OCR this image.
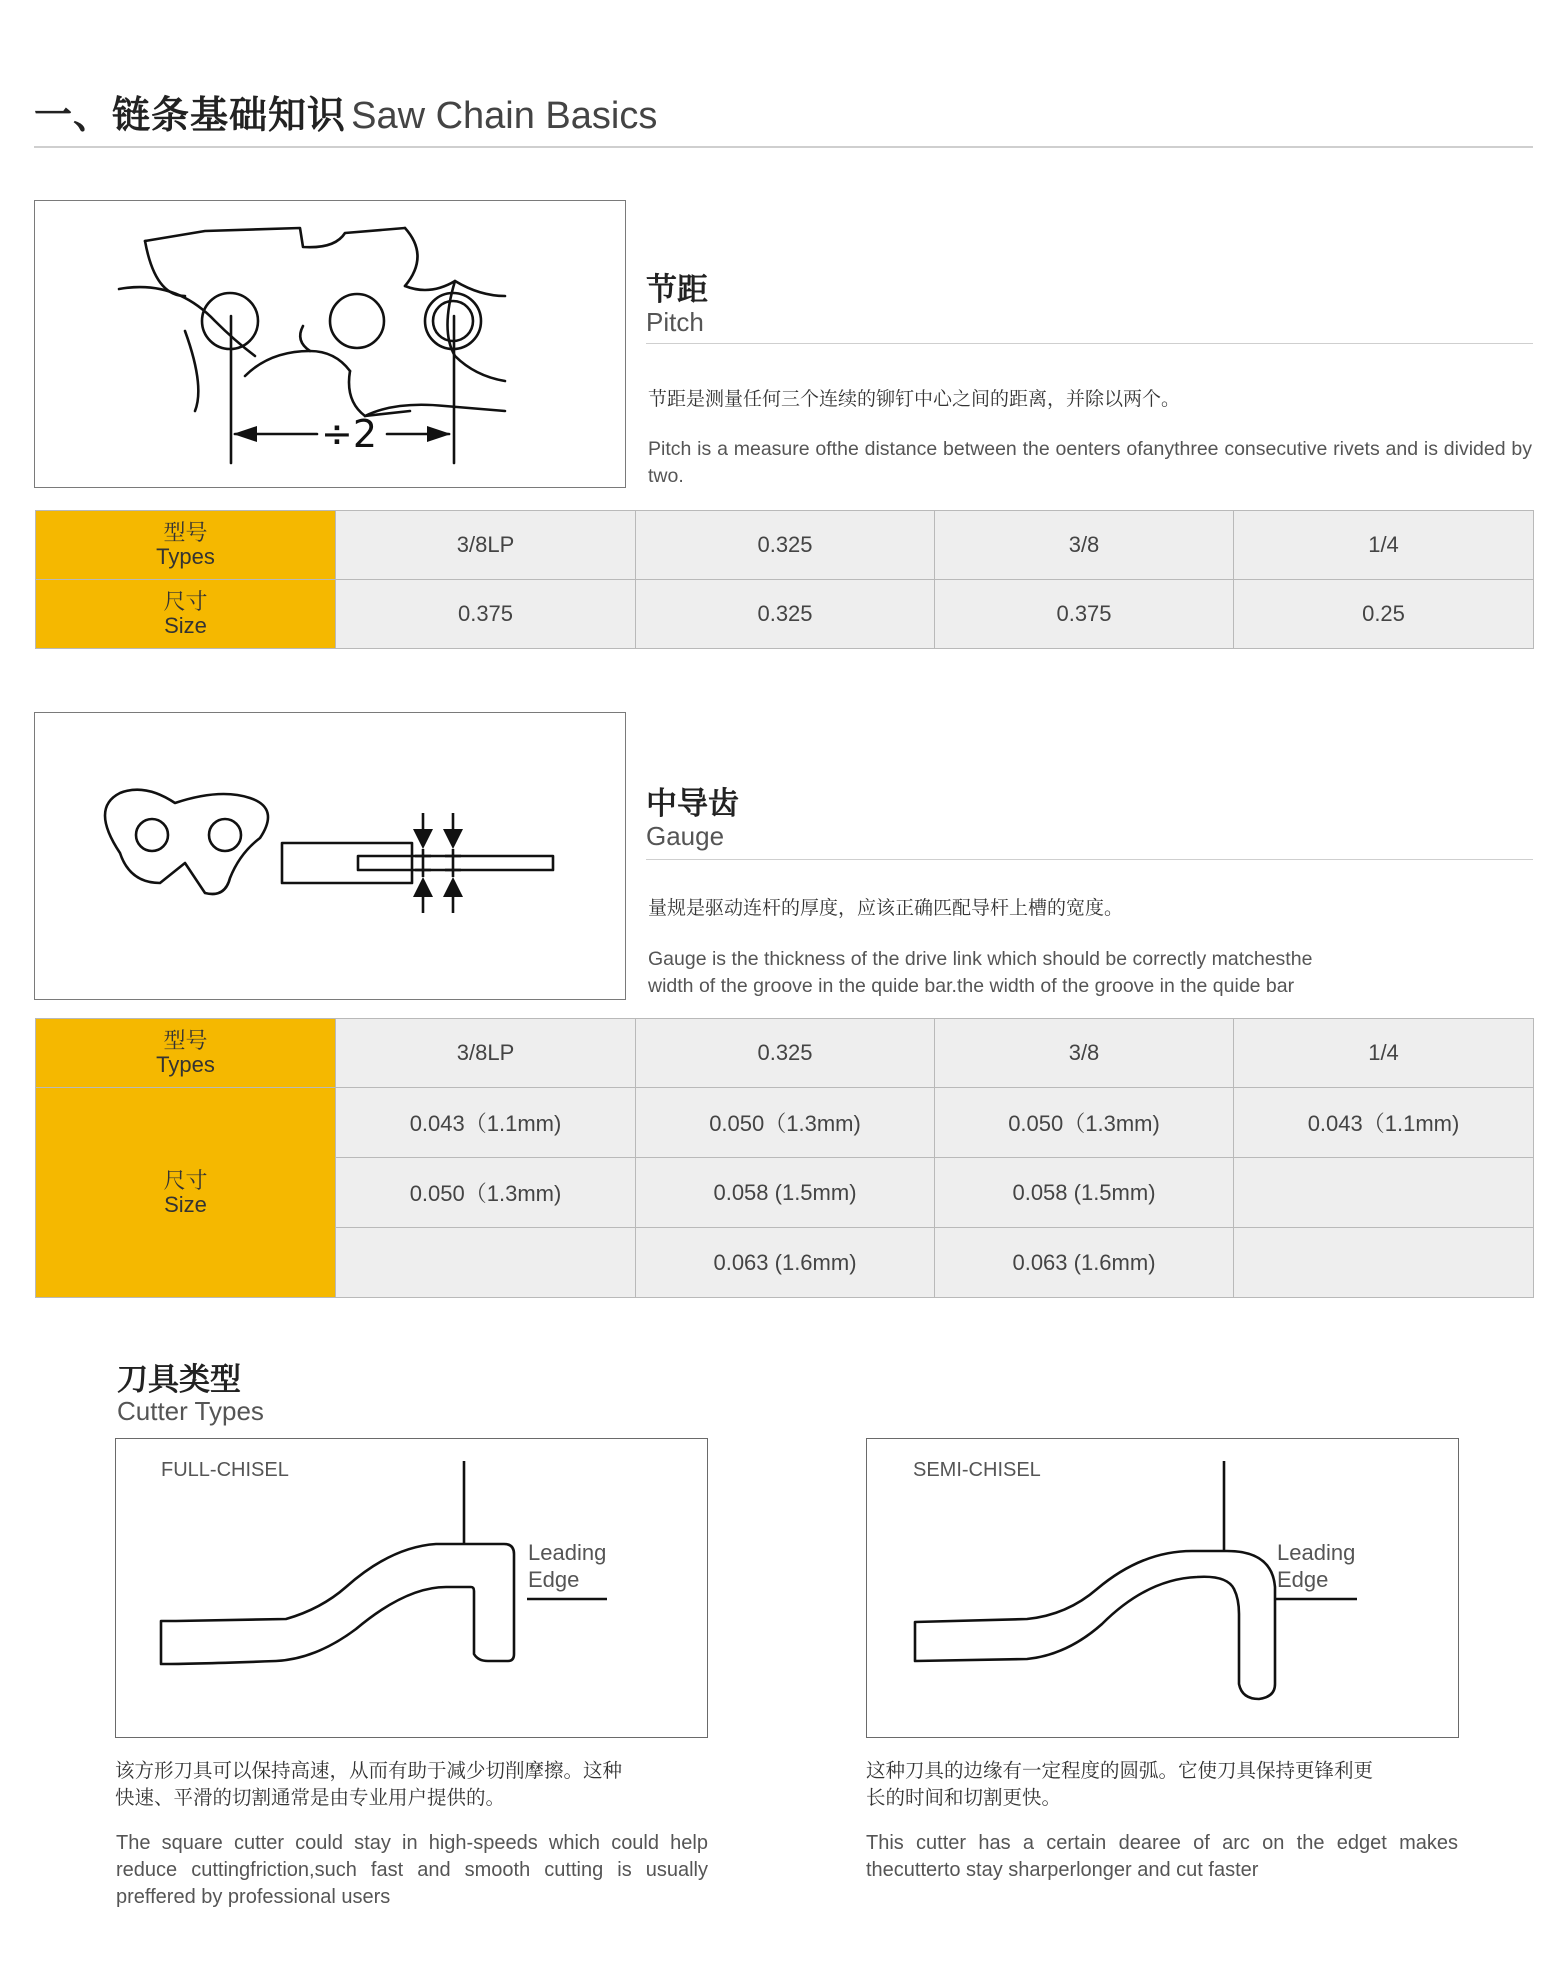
一、链条基础知识 Saw Chain Basics
÷2
节距
Pitch
节距是测量任何三个连续的铆钉中心之间的距离，并除以两个。
Pitch is a measure ofthe distance between the oenters ofanythree consecutive rivets and is divided by two.
型号
Types	3/8LP	0.325	3/8	1/4

尺寸
Size	0.375	0.325	0.375	0.25
中导齿
Gauge
量规是驱动连杆的厚度，应该正确匹配导杆上槽的宽度。
Gauge is the thickness of the drive link which should be correctly matchesthe
width of the groove in the quide bar.the width of the groove in the quide bar
型号
Types	3/8LP	0.325	3/8	1/4

尺寸
Size	0.043（1.1mm)	0.050（1.3mm)	0.050（1.3mm)	0.043（1.1mm)
	0.050（1.3mm)	0.058 (1.5mm)	0.058 (1.5mm)	
		0.063 (1.6mm)	0.063 (1.6mm)	
刀具类型
Cutter Types
FULL-CHISEL
Leading
Edge
该方形刀具可以保持高速，从而有助于减少切削摩擦。这种
快速、平滑的切割通常是由专业用户提供的。
The square cutter could stay in high-speeds which could help reduce cuttingfriction,such fast and smooth cutting is usually preffered by professional users
SEMI-CHISEL
Leading
Edge
这种刀具的边缘有一定程度的圆弧。它使刀具保持更锋利更
长的时间和切割更快。
This cutter has a certain dearee of arc on the edget makes thecutterto stay sharperlonger and cut faster
